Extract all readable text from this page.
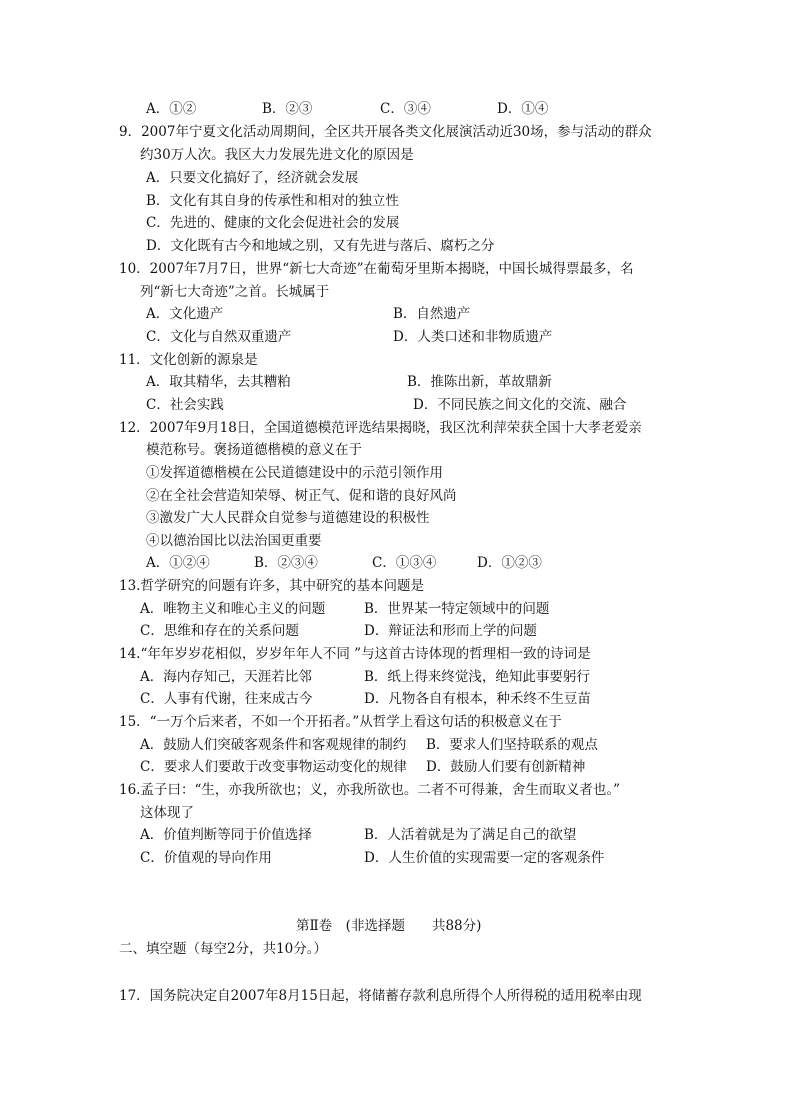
A．①②	B．②③	C．③④	D．①④
9．2007年宁夏文化活动周期间，全区共开展各类文化展演活动近30场，参与活动的群众
约30万人次。我区大力发展先进文化的原因是
A．只要文化搞好了，经济就会发展
B．文化有其自身的传承性和相对的独立性
C．先进的、健康的文化会促进社会的发展
D．文化既有古今和地域之别，又有先进与落后、腐朽之分
10．2007年7月7日，世界“新七大奇迹”在葡萄牙里斯本揭晓，中国长城得票最多，名
列“新七大奇迹”之首。长城属于
A．文化遗产	B．自然遗产
C．文化与自然双重遗产	D．人类口述和非物质遗产
11．文化创新的源泉是
A．取其精华，去其糟粕	B．推陈出新，革故鼎新
C．社会实践	D．不同民族之间文化的交流、融合
12．2007年9月18日，全国道德模范评选结果揭晓，我区沈利萍荣获全国十大孝老爱亲
模范称号。褒扬道德楷模的意义在于
①发挥道德楷模在公民道德建设中的示范引领作用
②在全社会营造知荣辱、树正气、促和谐的良好风尚
③激发广大人民群众自觉参与道德建设的积极性
④以德治国比以法治国更重要
A．①②④	B．②③④	C．①③④	D．①②③
13.哲学研究的问题有许多，其中研究的基本问题是
A．唯物主义和唯心主义的问题	B．世界某一特定领域中的问题
C．思维和存在的关系问题	D．辩证法和形而上学的问题
14.“年年岁岁花相似，岁岁年年人不同 ”与这首古诗体现的哲理相一致的诗词是
A．海内存知己，天涯若比邻	B．纸上得来终觉浅，绝知此事要躬行
C．人事有代谢，往来成古今	D．凡物各自有根本，种禾终不生豆苗
15．“一万个后来者，不如一个开拓者。”从哲学上看这句话的积极意义在于
A．鼓励人们突破客观条件和客观规律的制约 B．要求人们坚持联系的观点
C．要求人们要敢于改变事物运动变化的规律 D．鼓励人们要有创新精神
16.孟子曰：“生，亦我所欲也；义，亦我所欲也。二者不可得兼，舍生而取义者也。”
这体现了
A．价值判断等同于价值选择	B．人活着就是为了满足自己的欲望
C．价值观的导向作用	D．人生价值的实现需要一定的客观条件
第Ⅱ卷　(非选择题　　共88分)
二、填空题（每空2分，共10分。）
17．国务院决定自2007年8月15日起，将储蓄存款利息所得个人所得税的适用税率由现
